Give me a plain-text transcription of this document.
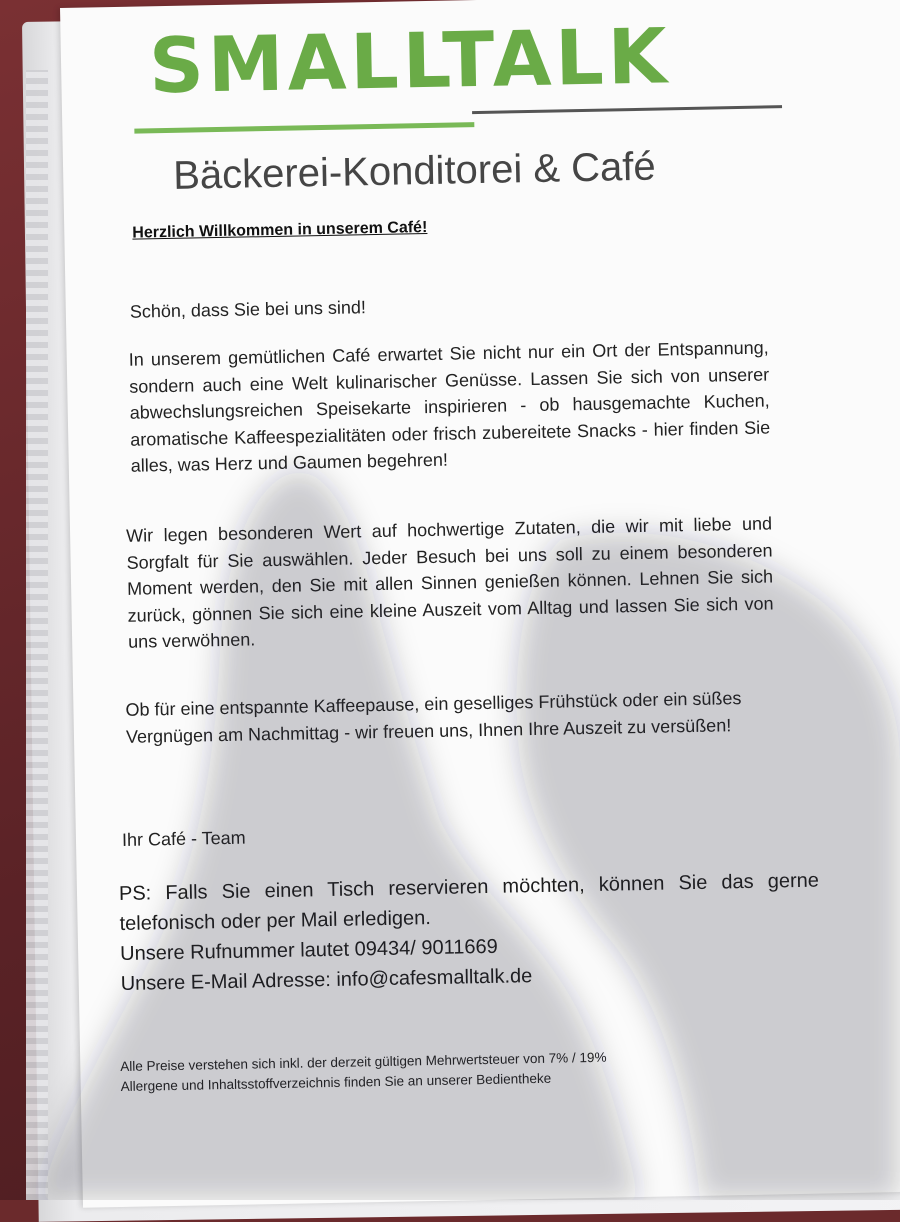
SMALLTALK
Bäckerei-Konditorei & Café
Herzlich Willkommen in unserem Café!
Schön, dass Sie bei uns sind!
In unserem gemütlichen Café erwartet Sie nicht nur ein Ort der Entspannung, sondern auch eine Welt kulinarischer Genüsse. Lassen Sie sich von unserer abwechslungsreichen Speisekarte inspirieren - ob hausgemachte Kuchen, aromatische Kaffeespezialitäten oder frisch zubereitete Snacks - hier finden Sie alles, was Herz und Gaumen begehren!
Wir legen besonderen Wert auf hochwertige Zutaten, die wir mit liebe und Sorgfalt für Sie auswählen. Jeder Besuch bei uns soll zu einem besonderen Moment werden, den Sie mit allen Sinnen genießen können. Lehnen Sie sich zurück, gönnen Sie sich eine kleine Auszeit vom Alltag und lassen Sie sich von uns verwöhnen.
Ob für eine entspannte Kaffeepause, ein geselliges Frühstück oder ein süßes Vergnügen am Nachmittag - wir freuen uns, Ihnen Ihre Auszeit zu versüßen!
Ihr Café - Team
PS: Falls Sie einen Tisch reservieren möchten, können Sie das gerne telefonisch oder per Mail erledigen.
Unsere Rufnummer lautet 09434/ 9011669
Unsere E-Mail Adresse: info@cafesmalltalk.de
Alle Preise verstehen sich inkl. der derzeit gültigen Mehrwertsteuer von 7% / 19%
Allergene und Inhaltsstoffverzeichnis finden Sie an unserer Bedientheke
